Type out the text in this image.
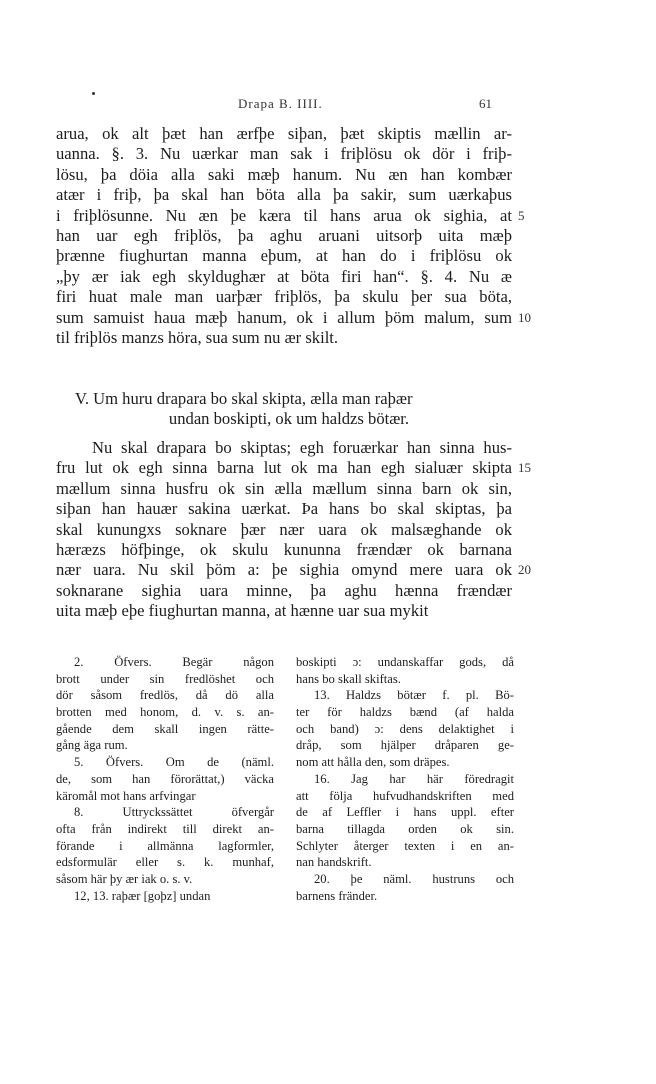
Drapa B. IIII.	61
arua, ok alt þæt han ærfþe siþan, þæt skiptis mællin ar-
uanna. §. 3. Nu uærkar man sak i friþlösu ok dör i friþ-
lösu, þa döia alla saki mæþ hanum. Nu æn han kombær
atær i friþ, þa skal han böta alla þa sakir, sum uærkaþus
i friþlösunne. Nu æn þe kæra til hans arua ok sighia, at 5
han uar egh friþlös, þa aghu aruani uitsorþ uita mæþ
þrænne fiughurtan manna eþum, at han do i friþlösu ok
„þy ær iak egh skyldughær at böta firi han“. §. 4. Nu æ
firi huat male man uarþær friþlös, þa skulu þer sua böta,
sum samuist haua mæþ hanum, ok i allum þöm malum, sum 10
til friþlös manzs höra, sua sum nu ær skilt.
V. Um huru drapara bo skal skipta, ælla man raþær
undan boskipti, ok um haldzs bötær.
Nu skal drapara bo skiptas; egh foruærkar han sinna hus-
fru lut ok egh sinna barna lut ok ma han egh sialuær skipta 15
mællum sinna husfru ok sin ælla mællum sinna barn ok sin,
siþan han hauær sakina uærkat. Þa hans bo skal skiptas, þa
skal kunungxs soknare þær nær uara ok malsæghande ok
hæræzs höfþinge, ok skulu kununna frændær ok barnana
nær uara. Nu skil þöm a: þe sighia omynd mere uara ok 20
soknarane sighia uara minne, þa aghu hænna frændær
uita mæþ eþe fiughurtan manna, at hænne uar sua mykit
2. Öfvers. Begär någon
brott under sin fredlöshet och
dör såsom fredlös, då dö alla
brotten med honom, d. v. s. an-
gående dem skall ingen rätte-
gång äga rum.
5. Öfvers. Om de (näml.
de, som han förorättat,) väcka
käromål mot hans arfvingar
8. Uttryckssättet öfvergår
ofta från indirekt till direkt an-
förande i allmänna lagformler,
edsformulär eller s. k. munhaf,
såsom här þy ær iak o. s. v.
12, 13. raþær [goþz] undan
boskipti ɔ: undanskaffar gods, då
hans bo skall skiftas.
13. Haldzs bötær f. pl. Bö-
ter för haldzs bænd (af halda
och band) ɔ: dens delaktighet i
dråp, som hjälper dråparen ge-
nom att hålla den, som dräpes.
16. Jag har här föredragit
att följa hufvudhandskriften med
de af Leffler i hans uppl. efter
barna tillagda orden ok sin.
Schlyter återger texten i en an-
nan handskrift.
20. þe näml. hustruns och
barnens fränder.
